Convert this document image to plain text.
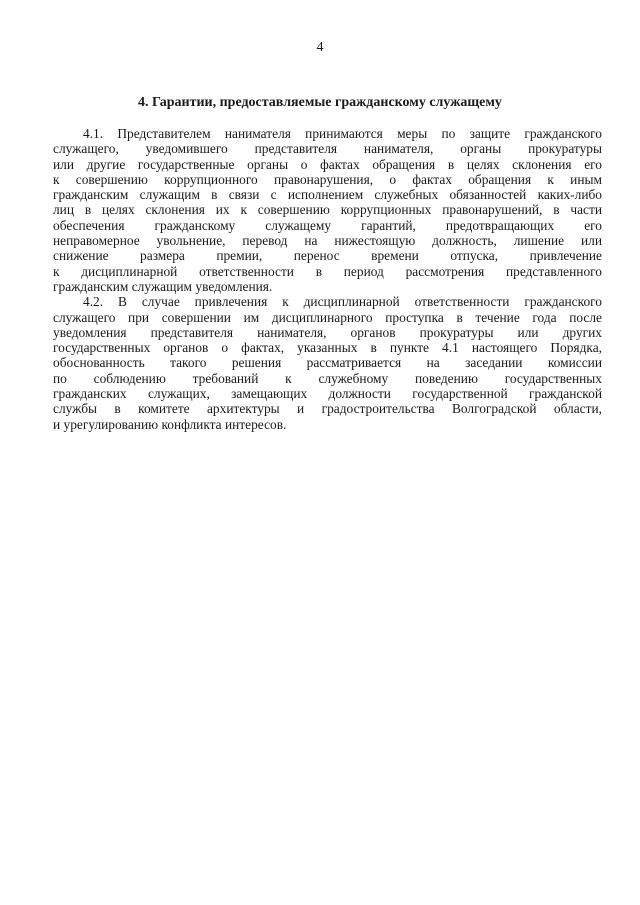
4
4. Гарантии, предоставляемые гражданскому служащему
4.1. Представителем нанимателя принимаются меры по защите гражданского
служащего, уведомившего представителя нанимателя, органы прокуратуры
или другие государственные органы о фактах обращения в целях склонения его
к совершению коррупционного правонарушения, о фактах обращения к иным
гражданским служащим в связи с исполнением служебных обязанностей каких-либо
лиц в целях склонения их к совершению коррупционных правонарушений, в части
обеспечения гражданскому служащему гарантий, предотвращающих его
неправомерное увольнение, перевод на нижестоящую должность, лишение или
снижение размера премии, перенос времени отпуска, привлечение
к дисциплинарной ответственности в период рассмотрения представленного
гражданским служащим уведомления.
4.2. В случае привлечения к дисциплинарной ответственности гражданского
служащего при совершении им дисциплинарного проступка в течение года после
уведомления представителя нанимателя, органов прокуратуры или других
государственных органов о фактах, указанных в пункте 4.1 настоящего Порядка,
обоснованность такого решения рассматривается на заседании комиссии
по соблюдению требований к служебному поведению государственных
гражданских служащих, замещающих должности государственной гражданской
службы в комитете архитектуры и градостроительства Волгоградской области,
и урегулированию конфликта интересов.
